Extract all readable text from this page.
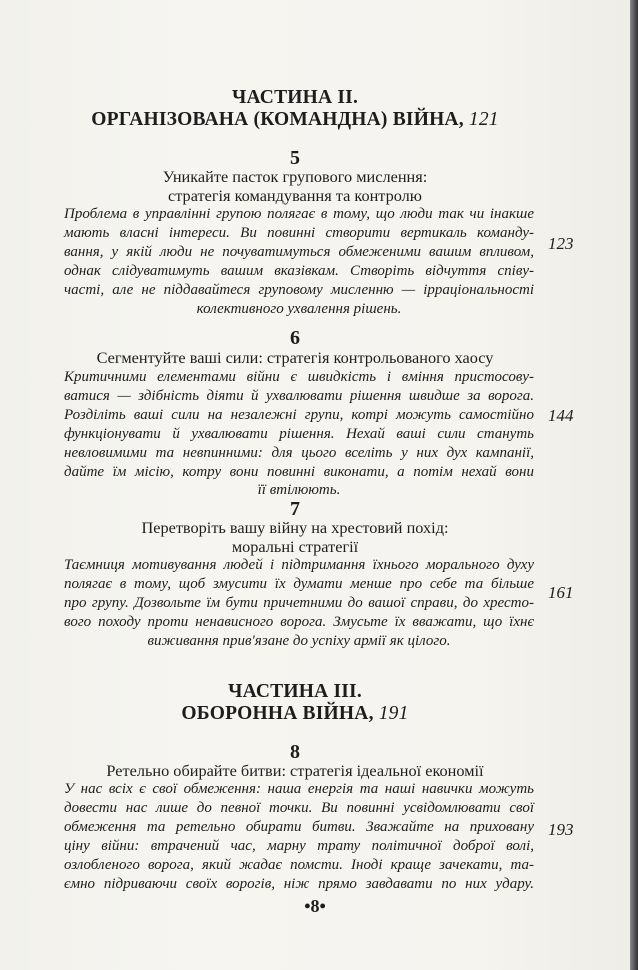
ЧАСТИНА II.
ОРГАНІЗОВАНА (КОМАНДНА) ВІЙНА, 121
5
Уникайте пасток групового мислення:
стратегія командування та контролю
Проблема в управлінні групою полягає в тому, що люди так чи інакше
мають власні інтереси. Ви повинні створити вертикаль команду-
вання, у якій люди не почуватимуться обмеженими вашим впливом,
однак слідуватимуть вашим вказівкам. Створіть відчуття співу-
часті, але не піддавайтеся груповому мисленню — ірраціональності
колективного ухвалення рішень.
123
6
Сегментуйте ваші сили: стратегія контрольованого хаосу
Критичними елементами війни є швидкість і вміння пристосову-
ватися — здібність діяти й ухвалювати рішення швидше за ворога.
Розділіть ваші сили на незалежні групи, котрі можуть самостійно
функціонувати й ухвалювати рішення. Нехай ваші сили стануть
невловимими та невпинними: для цього вселіть у них дух кампанії,
дайте їм місію, котру вони повинні виконати, а потім нехай вони
її втілюють.
144
7
Перетворіть вашу війну на хрестовий похід:
моральні стратегії
Таємниця мотивування людей і підтримання їхнього морального духу
полягає в тому, щоб змусити їх думати менше про себе та більше
про групу. Дозвольте їм бути причетними до вашої справи, до хресто-
вого походу проти ненависного ворога. Змусьте їх вважати, що їхнє
виживання прив'язане до успіху армії як цілого.
161
ЧАСТИНА III.
ОБОРОННА ВІЙНА, 191
8
Ретельно обирайте битви: стратегія ідеальної економії
У нас всіх є свої обмеження: наша енергія та наші навички можуть
довести нас лише до певної точки. Ви повинні усвідомлювати свої
обмеження та ретельно обирати битви. Зважайте на приховану
ціну війни: втрачений час, марну трату політичної доброї волі,
озлобленого ворога, який жадає помсти. Іноді краще зачекати, та-
ємно підриваючи своїх ворогів, ніж прямо завдавати по них удару.
193
•8•
